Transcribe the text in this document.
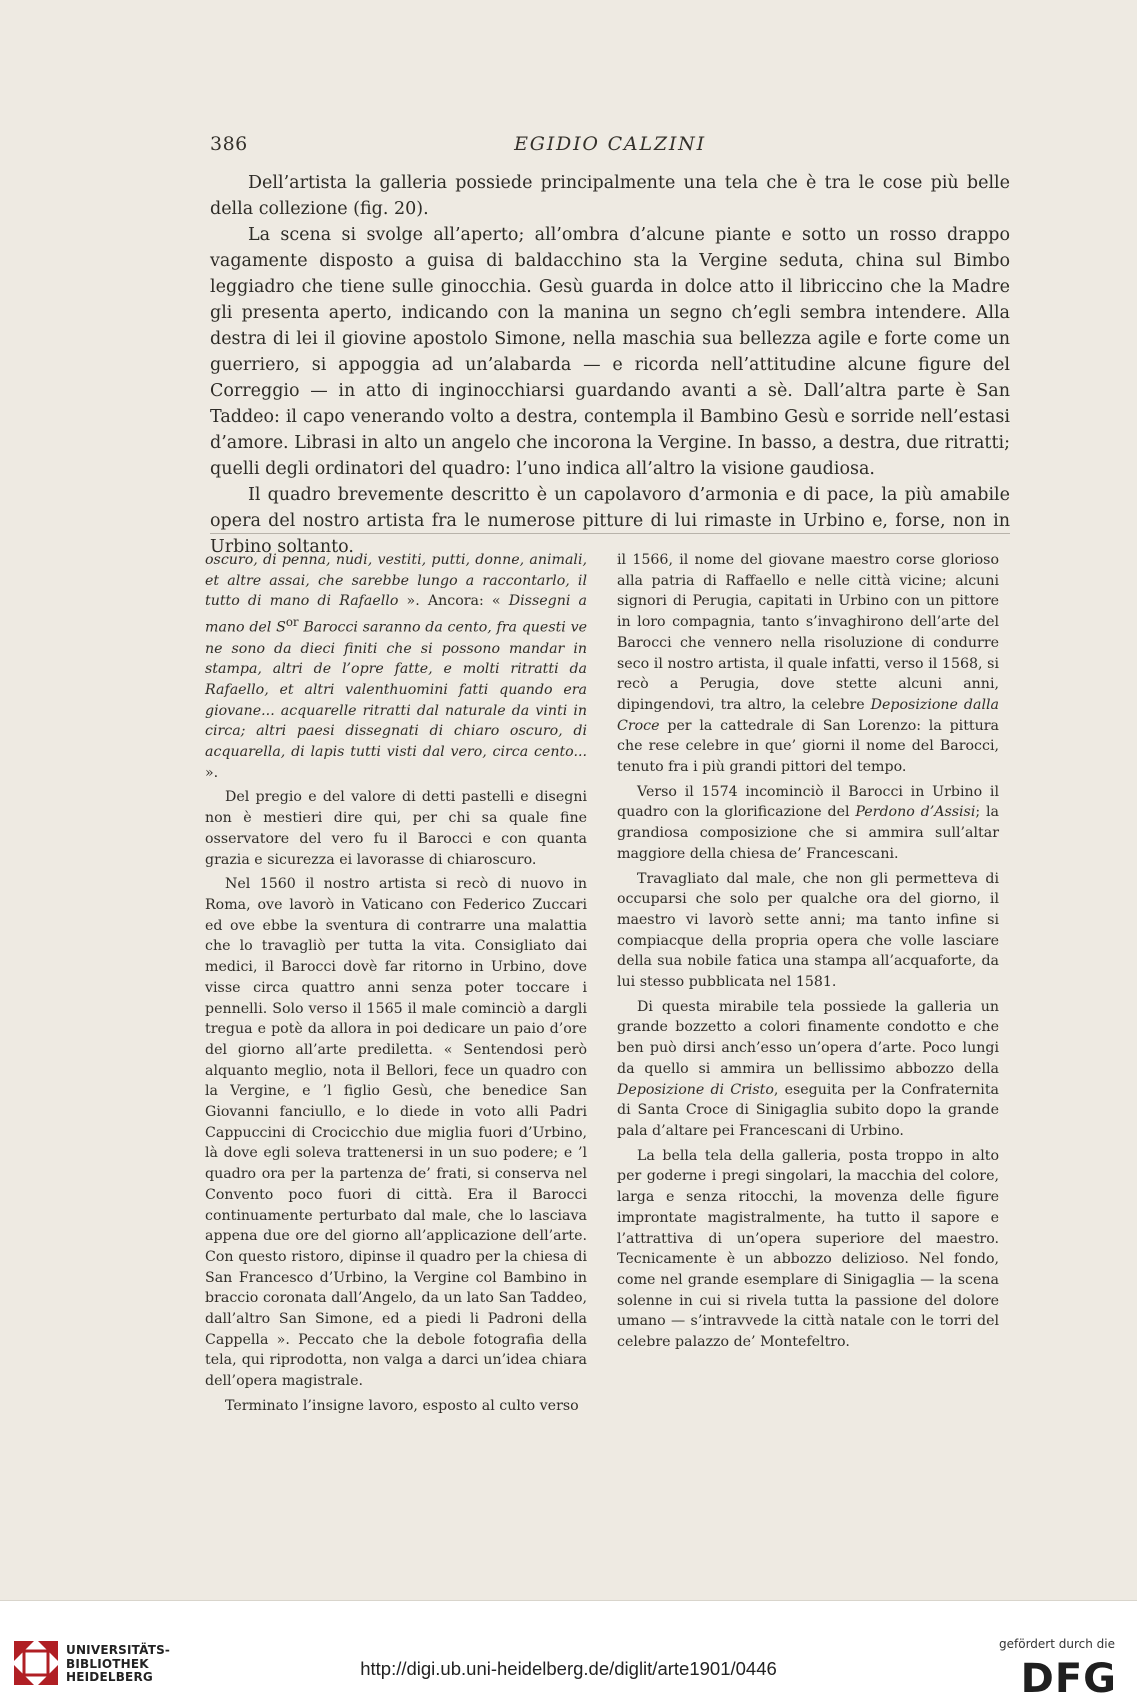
386	EGIDIO CALZINI

Dell’artista la galleria possiede principalmente una tela che è tra le cose più belle della collezione (fig. 20).

La scena si svolge all’aperto; all’ombra d’alcune piante e sotto un rosso drappo vagamente disposto a guisa di baldacchino sta la Vergine seduta, china sul Bimbo leggiadro che tiene sulle ginocchia. Gesù guarda in dolce atto il libriccino che la Madre gli presenta aperto, indicando con la manina un segno ch’egli sembra intendere. Alla destra di lei il giovine apostolo Simone, nella maschia sua bellezza agile e forte come un guerriero, si appoggia ad un’alabarda — e ricorda nell’attitudine alcune figure del Correggio — in atto di inginocchiarsi guardando avanti a sè. Dall’altra parte è San Taddeo: il capo venerando volto a destra, contempla il Bambino Gesù e sorride nell’estasi d’amore. Librasi in alto un angelo che incorona la Vergine. In basso, a destra, due ritratti; quelli degli ordinatori del quadro: l’uno indica all’altro la visione gaudiosa.

Il quadro brevemente descritto è un capolavoro d’armonia e di pace, la più amabile opera del nostro artista fra le numerose pitture di lui rimaste in Urbino e, forse, non in Urbino soltanto.

oscuro, di penna, nudi, vestiti, putti, donne, animali, et altre assai, che sarebbe lungo a raccontarlo, il tutto di mano di Rafaello ». Ancora: « Dissegni a mano del $S^{or}$ Barocci saranno da cento, fra questi ve ne sono da dieci finiti che si possono mandar in stampa, altri de l’opre fatte, e molti ritratti da Rafaello, et altri valenthuomini fatti quando era giovane... acquarelle ritratti dal naturale da vinti in circa; altri paesi dissegnati di chiaro oscuro, di acquarella, di lapis tutti visti dal vero, circa cento... ».

Del pregio e del valore di detti pastelli e disegni non è mestieri dire qui, per chi sa quale fine osservatore del vero fu il Barocci e con quanta grazia e sicurezza ei lavorasse di chiaroscuro.

Nel 1560 il nostro artista si recò di nuovo in Roma, ove lavorò in Vaticano con Federico Zuccari ed ove ebbe la sventura di contrarre una malattia che lo travagliò per tutta la vita. Consigliato dai medici, il Barocci dovè far ritorno in Urbino, dove visse circa quattro anni senza poter toccare i pennelli. Solo verso il 1565 il male cominciò a dargli tregua e potè da allora in poi dedicare un paio d’ore del giorno all’arte prediletta. « Sentendosi però alquanto meglio, nota il Bellori, fece un quadro con la Vergine, e ’l figlio Gesù, che benedice San Giovanni fanciullo, e lo diede in voto alli Padri Cappuccini di Crocicchio due miglia fuori d’Urbino, là dove egli soleva trattenersi in un suo podere; e ’l quadro ora per la partenza de’ frati, si conserva nel Convento poco fuori di città. Era il Barocci continuamente perturbato dal male, che lo lasciava appena due ore del giorno all’applicazione dell’arte. Con questo ristoro, dipinse il quadro per la chiesa di San Francesco d’Urbino, la Vergine col Bambino in braccio coronata dall’Angelo, da un lato San Taddeo, dall’altro San Simone, ed a piedi li Padroni della Cappella ». Peccato che la debole fotografia della tela, qui riprodotta, non valga a darci un’idea chiara dell’opera magistrale.

Terminato l’insigne lavoro, esposto al culto verso

il 1566, il nome del giovane maestro corse glorioso alla patria di Raffaello e nelle città vicine; alcuni signori di Perugia, capitati in Urbino con un pittore in loro compagnia, tanto s’invaghirono dell’arte del Barocci che vennero nella risoluzione di condurre seco il nostro artista, il quale infatti, verso il 1568, si recò a Perugia, dove stette alcuni anni, dipingendovi, tra altro, la celebre Deposizione dalla Croce per la cattedrale di San Lorenzo: la pittura che rese celebre in que’ giorni il nome del Barocci, tenuto fra i più grandi pittori del tempo.

Verso il 1574 incominciò il Barocci in Urbino il quadro con la glorificazione del Perdono d’Assisi; la grandiosa composizione che si ammira sull’altar maggiore della chiesa de’ Francescani.

Travagliato dal male, che non gli permetteva di occuparsi che solo per qualche ora del giorno, il maestro vi lavorò sette anni; ma tanto infine si compiacque della propria opera che volle lasciare della sua nobile fatica una stampa all’acquaforte, da lui stesso pubblicata nel 1581.

Di questa mirabile tela possiede la galleria un grande bozzetto a colori finamente condotto e che ben può dirsi anch’esso un’opera d’arte. Poco lungi da quello si ammira un bellissimo abbozzo della Deposizione di Cristo, eseguita per la Confraternita di Santa Croce di Sinigaglia subito dopo la grande pala d’altare pei Francescani di Urbino.

La bella tela della galleria, posta troppo in alto per goderne i pregi singolari, la macchia del colore, larga e senza ritocchi, la movenza delle figure improntate magistralmente, ha tutto il sapore e l’attrattiva di un’opera superiore del maestro. Tecnicamente è un abbozzo delizioso. Nel fondo, come nel grande esemplare di Sinigaglia — la scena solenne in cui si rivela tutta la passione del dolore umano — s’intravvede la città natale con le torri del celebre palazzo de’ Montefeltro.

UNIVERSITÄTS-
BIBLIOTHEK
HEIDELBERG	http://digi.ub.uni-heidelberg.de/diglit/arte1901/0446
gefördert durch die
DFG
